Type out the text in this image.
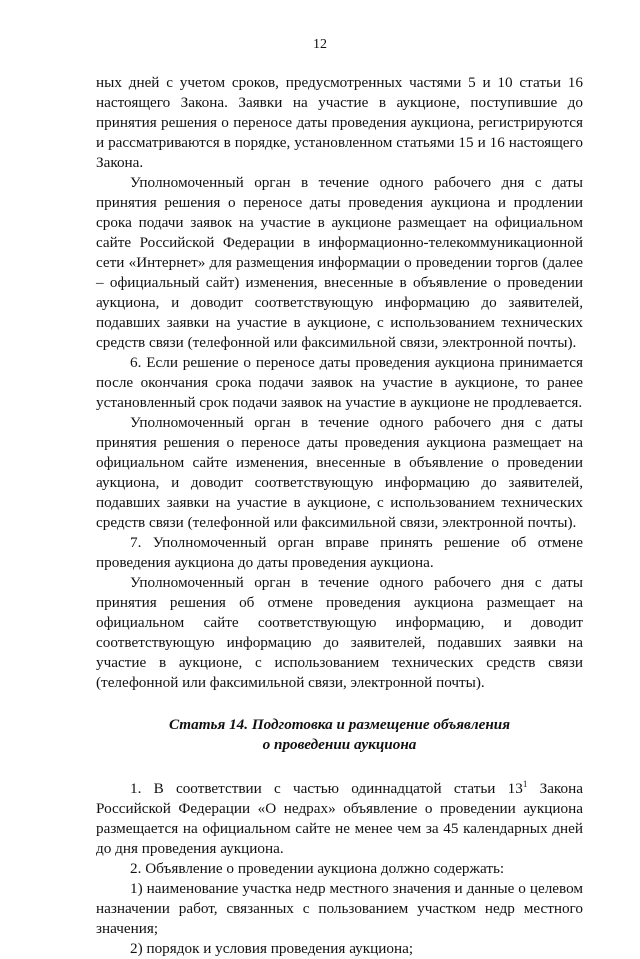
12

ных дней с учетом сроков, предусмотренных частями 5 и 10 статьи 16 настоящего Закона. Заявки на участие в аукционе, поступившие до принятия решения о переносе даты проведения аукциона, регистрируются и рассматриваются в порядке, установленном статьями 15 и 16 настоящего Закона.

Уполномоченный орган в течение одного рабочего дня с даты принятия решения о переносе даты проведения аукциона и продлении срока подачи заявок на участие в аукционе размещает на официальном сайте Российской Федерации в информационно-телекоммуникационной сети «Интернет» для размещения информации о проведении торгов (далее – официальный сайт) изменения, внесенные в объявление о проведении аукциона, и доводит соответствующую информацию до заявителей, подавших заявки на участие в аукционе, с использованием технических средств связи (телефонной или факсимильной связи, электронной почты).

6. Если решение о переносе даты проведения аукциона принимается после окончания срока подачи заявок на участие в аукционе, то ранее установленный срок подачи заявок на участие в аукционе не продлевается.

Уполномоченный орган в течение одного рабочего дня с даты принятия решения о переносе даты проведения аукциона размещает на официальном сайте изменения, внесенные в объявление о проведении аукциона, и доводит соответствующую информацию до заявителей, подавших заявки на участие в аукционе, с использованием технических средств связи (телефонной или факсимильной связи, электронной почты).

7. Уполномоченный орган вправе принять решение об отмене проведения аукциона до даты проведения аукциона.

Уполномоченный орган в течение одного рабочего дня с даты принятия решения об отмене проведения аукциона размещает на официальном сайте соответствующую информацию, и доводит соответствующую информацию до заявителей, подавших заявки на участие в аукционе, с использованием технических средств связи (телефонной или факсимильной связи, электронной почты).

Статья 14. Подготовка и размещение объявления
о проведении аукциона

1. В соответствии с частью одиннадцатой статьи $13^1$ Закона Российской Федерации «О недрах» объявление о проведении аукциона размещается на официальном сайте не менее чем за 45 календарных дней до дня проведения аукциона.

2. Объявление о проведении аукциона должно содержать:

1) наименование участка недр местного значения и данные о целевом назначении работ, связанных с пользованием участком недр местного значения;

2) порядок и условия проведения аукциона;
